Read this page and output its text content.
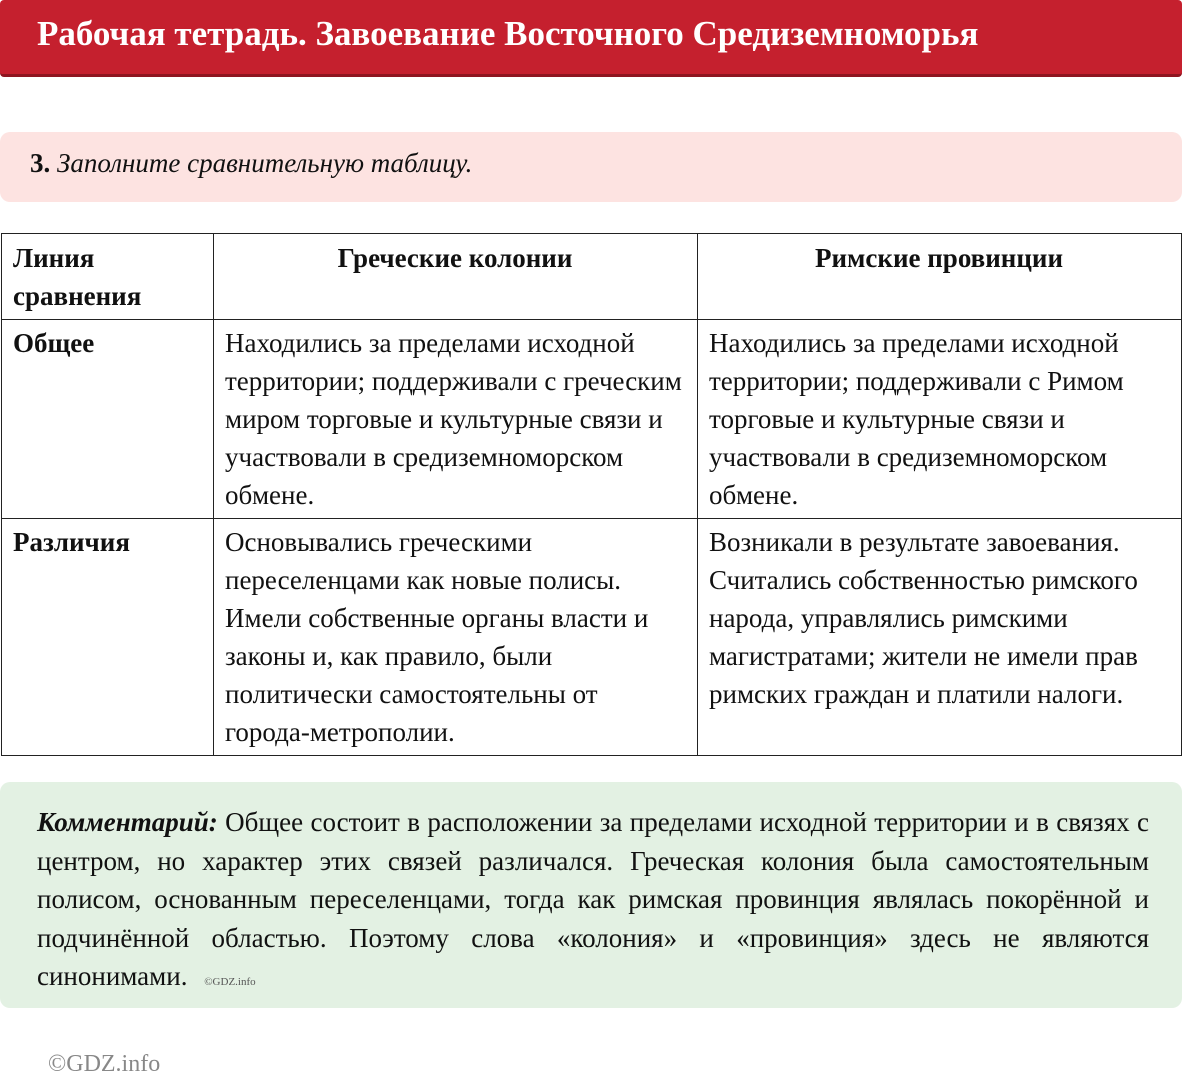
Рабочая тетрадь. Завоевание Восточного Средиземноморья
3. Заполните сравнительную таблицу.
Линия сравнения	Греческие колонии	Римские провинции
Общее	Находились за пределами исходной территории; поддерживали с греческим миром торговые и культурные связи и участвовали в средиземноморском обмене.	Находились за пределами исходной территории; поддерживали с Римом торговые и культурные связи и участвовали в средиземноморском обмене.
Различия	Основывались греческими переселенцами как новые полисы. Имели собственные органы власти и законы и, как правило, были политически самостоятельны от города-метрополии.	Возникали в результате завоевания. Считались собственностью римского народа, управлялись римскими магистратами; жители не имели прав римских граждан и платили налоги.
Комментарий: Общее состоит в расположении за пределами исходной территории и в связях с центром, но характер этих связей различался. Греческая колония была самостоятельным полисом, основанным переселенцами, тогда как римская провинция являлась покорённой и подчинённой областью. Поэтому слова «колония» и «провинция» здесь не являются синонимами. ©GDZ.info
©GDZ.info
